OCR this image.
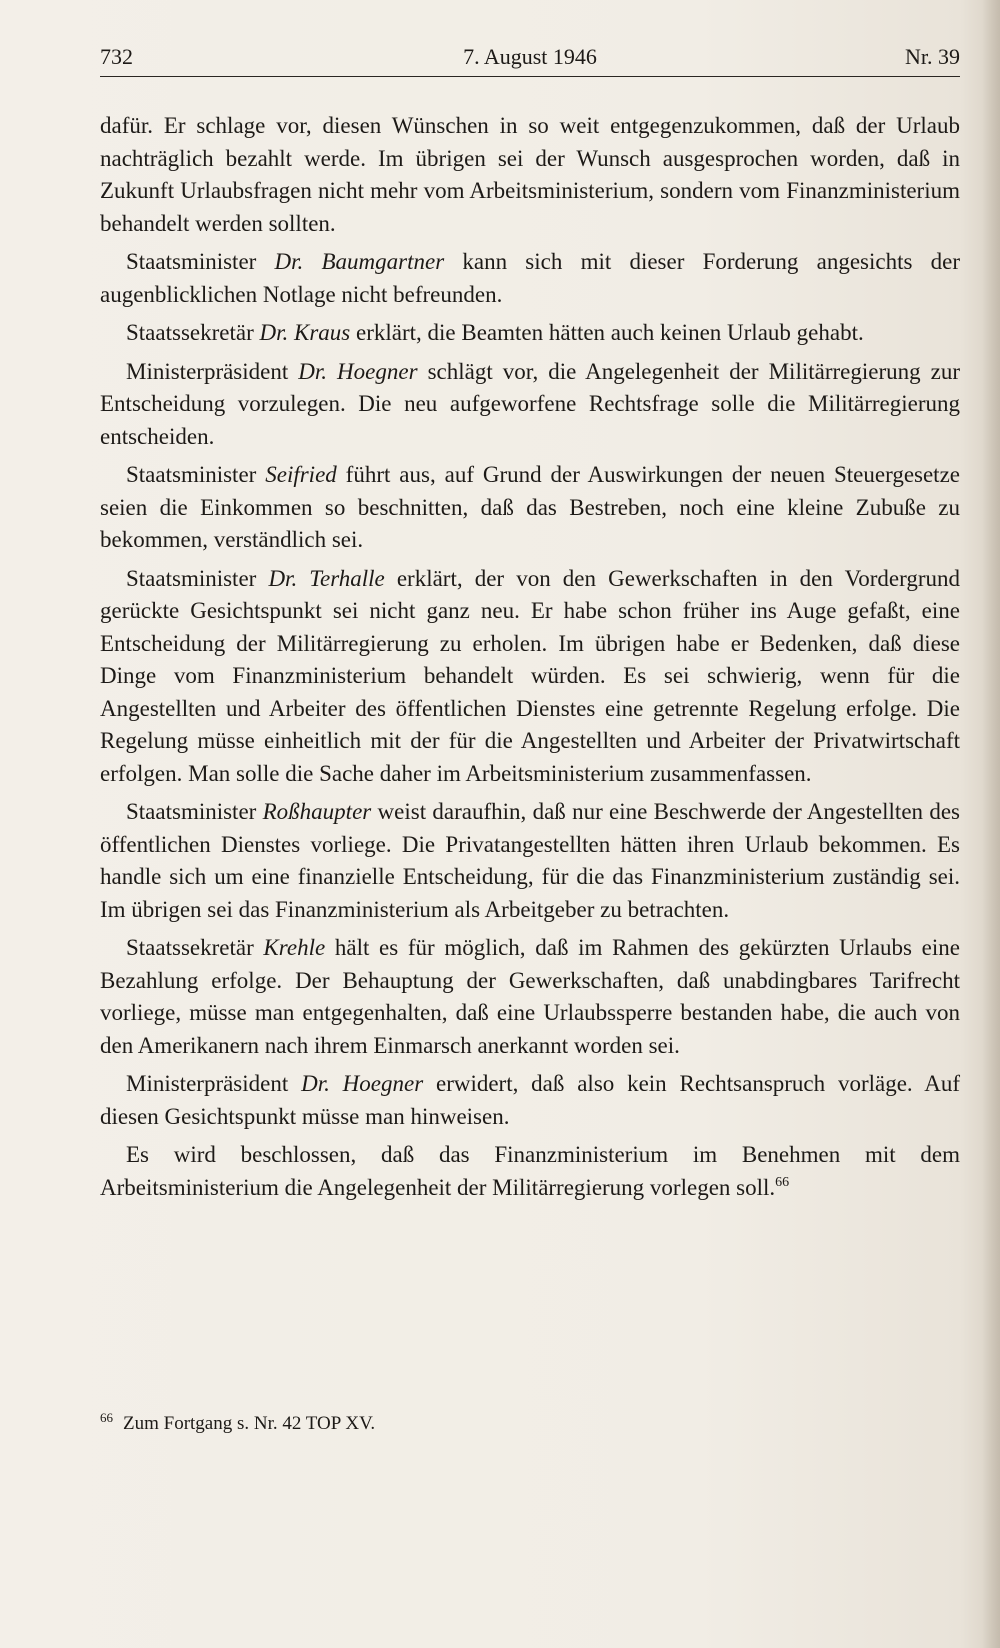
732	7. August 1946	Nr. 39

dafür. Er schlage vor, diesen Wünschen in so weit entgegenzukommen, daß der Urlaub nachträglich bezahlt werde. Im übrigen sei der Wunsch ausgesprochen worden, daß in Zukunft Urlaubsfragen nicht mehr vom Arbeitsministerium, sondern vom Finanzministerium behandelt werden sollten.

Staatsminister Dr. Baumgartner kann sich mit dieser Forderung angesichts der augenblicklichen Notlage nicht befreunden.

Staatssekretär Dr. Kraus erklärt, die Beamten hätten auch keinen Urlaub gehabt.

Ministerpräsident Dr. Hoegner schlägt vor, die Angelegenheit der Militärregierung zur Entscheidung vorzulegen. Die neu aufgeworfene Rechtsfrage solle die Militärregierung entscheiden.

Staatsminister Seifried führt aus, auf Grund der Auswirkungen der neuen Steuergesetze seien die Einkommen so beschnitten, daß das Bestreben, noch eine kleine Zubuße zu bekommen, verständlich sei.

Staatsminister Dr. Terhalle erklärt, der von den Gewerkschaften in den Vordergrund gerückte Gesichtspunkt sei nicht ganz neu. Er habe schon früher ins Auge gefaßt, eine Entscheidung der Militärregierung zu erholen. Im übrigen habe er Bedenken, daß diese Dinge vom Finanzministerium behandelt würden. Es sei schwierig, wenn für die Angestellten und Arbeiter des öffentlichen Dienstes eine getrennte Regelung erfolge. Die Regelung müsse einheitlich mit der für die Angestellten und Arbeiter der Privatwirtschaft erfolgen. Man solle die Sache daher im Arbeitsministerium zusammenfassen.

Staatsminister Roßhaupter weist daraufhin, daß nur eine Beschwerde der Angestellten des öffentlichen Dienstes vorliege. Die Privatangestellten hätten ihren Urlaub bekommen. Es handle sich um eine finanzielle Entscheidung, für die das Finanzministerium zuständig sei. Im übrigen sei das Finanzministerium als Arbeitgeber zu betrachten.

Staatssekretär Krehle hält es für möglich, daß im Rahmen des gekürzten Urlaubs eine Bezahlung erfolge. Der Behauptung der Gewerkschaften, daß unabdingbares Tarifrecht vorliege, müsse man entgegenhalten, daß eine Urlaubssperre bestanden habe, die auch von den Amerikanern nach ihrem Einmarsch anerkannt worden sei.

Ministerpräsident Dr. Hoegner erwidert, daß also kein Rechtsanspruch vorläge. Auf diesen Gesichtspunkt müsse man hinweisen.

Es wird beschlossen, daß das Finanzministerium im Benehmen mit dem Arbeitsministerium die Angelegenheit der Militärregierung vorlegen soll.$^{66}$

$^{66}$ Zum Fortgang s. Nr. 42 TOP XV.
